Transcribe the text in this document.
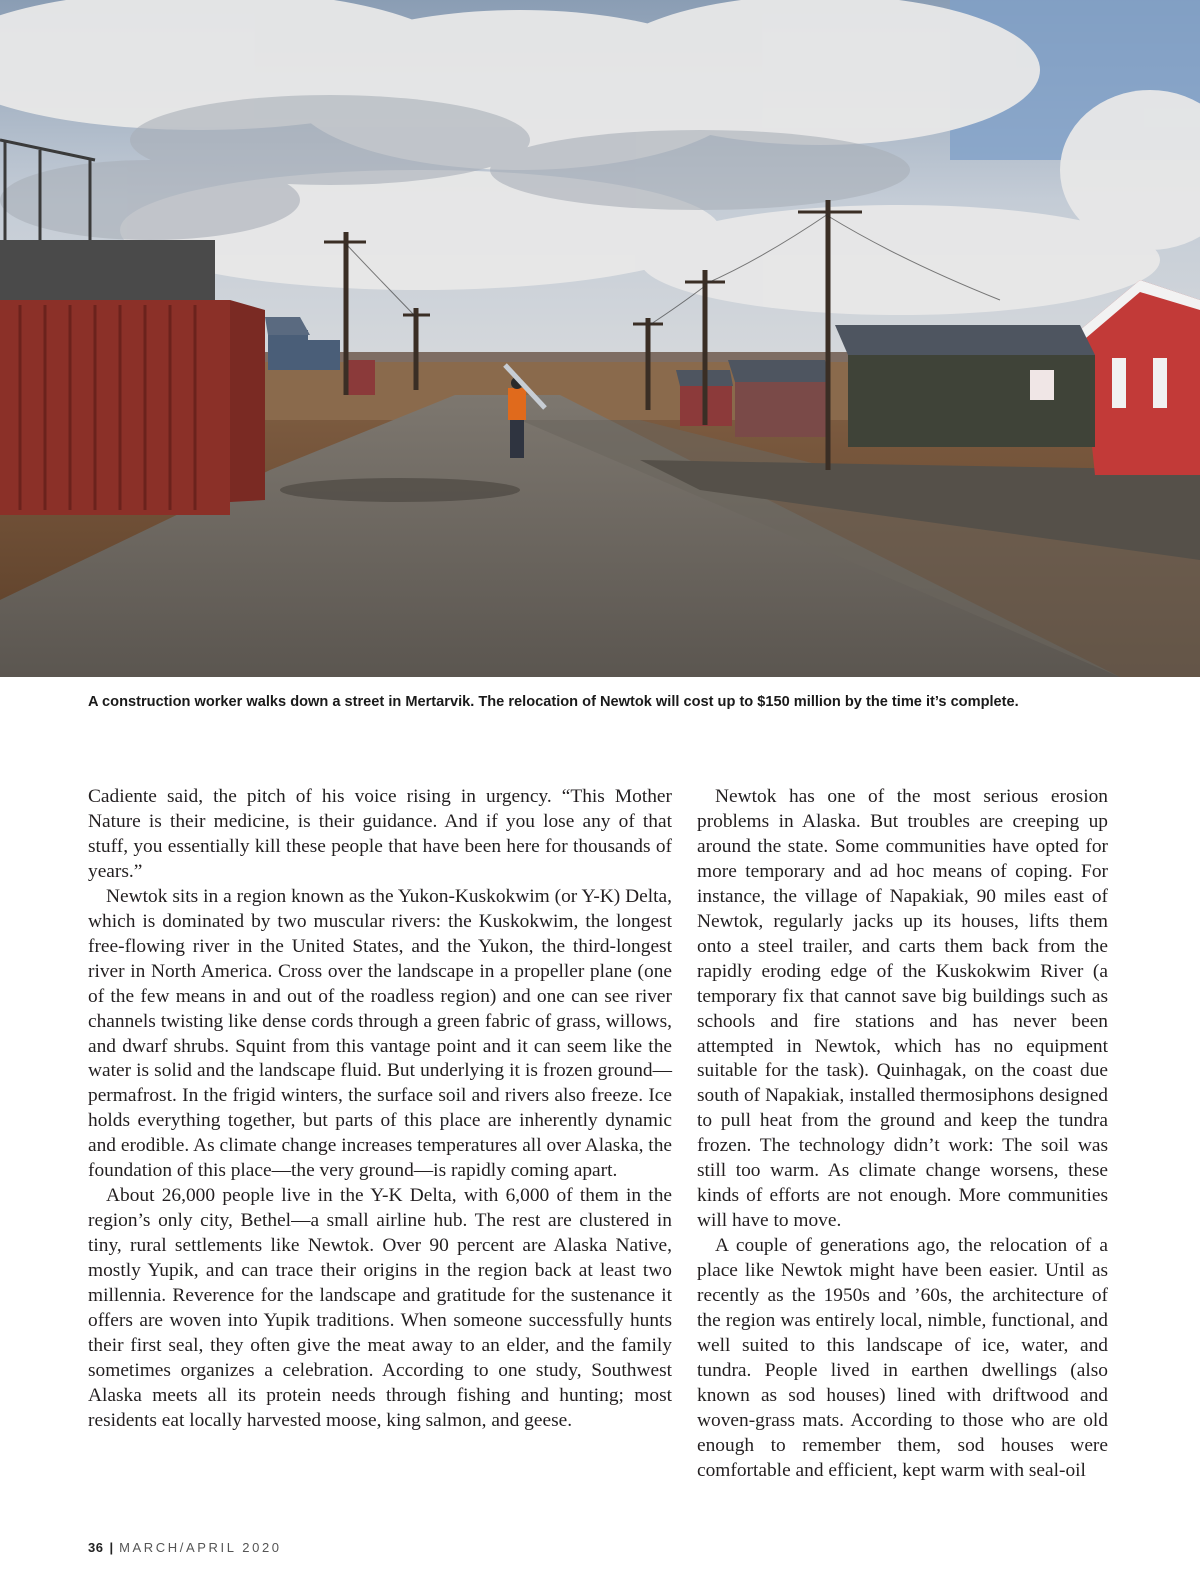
A construction worker walks down a street in Mertarvik. The relocation of Newtok will cost up to $150 million by the time it’s complete.

Cadiente said, the pitch of his voice rising in urgency. “This Mother Nature is their medicine, is their guidance. And if you lose any of that stuff, you essentially kill these people that have been here for thousands of years.”

Newtok sits in a region known as the Yukon-Kuskokwim (or Y-K) Delta, which is dominated by two muscular rivers: the Kuskokwim, the longest free-flowing river in the United States, and the Yukon, the third-longest river in North America. Cross over the landscape in a propeller plane (one of the few means in and out of the roadless region) and one can see river channels twisting like dense cords through a green fabric of grass, willows, and dwarf shrubs. Squint from this vantage point and it can seem like the water is solid and the landscape fluid. But underlying it is frozen ground—permafrost. In the frigid winters, the surface soil and rivers also freeze. Ice holds everything together, but parts of this place are inherently dynamic and erodible. As climate change increases temperatures all over Alaska, the foundation of this place—the very ground—is rapidly coming apart.

About 26,000 people live in the Y-K Delta, with 6,000 of them in the region’s only city, Bethel—a small airline hub. The rest are clustered in tiny, rural settlements like Newtok. Over 90 percent are Alaska Native, mostly Yupik, and can trace their origins in the region back at least two millennia. Reverence for the landscape and gratitude for the sustenance it offers are woven into Yupik traditions. When someone successfully hunts their first seal, they often give the meat away to an elder, and the family sometimes organizes a celebration. According to one study, Southwest Alaska meets all its protein needs through fishing and hunting; most residents eat locally harvested moose, king salmon, and geese.

Newtok has one of the most serious erosion problems in Alaska. But troubles are creeping up around the state. Some communities have opted for more temporary and ad hoc means of coping. For instance, the village of Napakiak, 90 miles east of Newtok, regularly jacks up its houses, lifts them onto a steel trailer, and carts them back from the rapidly eroding edge of the Kuskokwim River (a temporary fix that cannot save big buildings such as schools and fire stations and has never been attempted in Newtok, which has no equipment suitable for the task). Quinhagak, on the coast due south of Napakiak, installed thermosiphons designed to pull heat from the ground and keep the tundra frozen. The technology didn’t work: The soil was still too warm. As climate change worsens, these kinds of efforts are not enough. More communities will have to move.

A couple of generations ago, the relocation of a place like Newtok might have been easier. Until as recently as the 1950s and ’60s, the architecture of the region was entirely local, nimble, functional, and well suited to this landscape of ice, water, and tundra. People lived in earthen dwellings (also known as sod houses) lined with driftwood and woven-grass mats. According to those who are old enough to remember them, sod houses were comfortable and efficient, kept warm with seal-oil

36 | MARCH/APRIL 2020
